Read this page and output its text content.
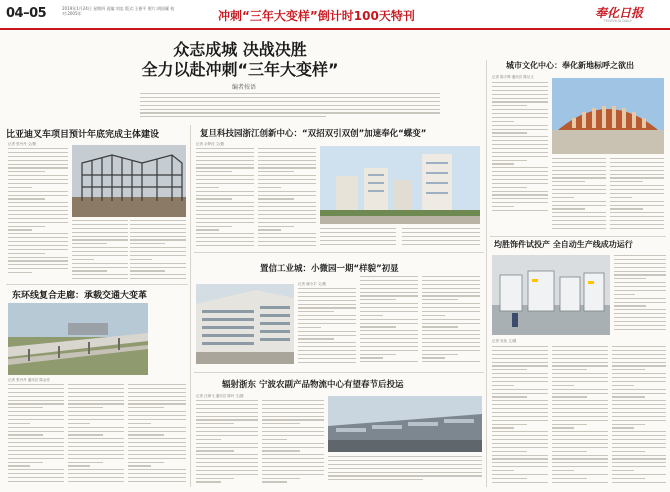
04–05	2019年1月24日 星期四 责编:刘忠 版式:王雅平 照片:胡国耀 校对:2005年	冲刺“三年大变样”倒计时100天特刊	奉化日报
FENGHUA DAILY
众志成城 决战决胜
全力以赴冲刺“三年大变样”
编者按语
比亚迪叉车项目预计年底完成主体建设
记者 张丹丹 文/摄
东环线复合走廊：承载交通大变革
记者 张丹丹 通讯员 陈金亮
复旦科技园浙江创新中心：“双招双引双创”加速奉化“蝶变”
记者 余梦佳 文/摄
置信工业城：小微园一期“样貌”初显
记者 谢小平 文/摄
辐射浙东 宁波农副产品物流中心有望春节后投运
记者 汪海飞 通讯员 陈叶 文/摄
城市文化中心：奉化新地标呼之欲出
记者 陈宇辉 通讯员 陈丛文
均胜饰件试投产 全自动生产线成功运行
记者 吴怡 文/摄
